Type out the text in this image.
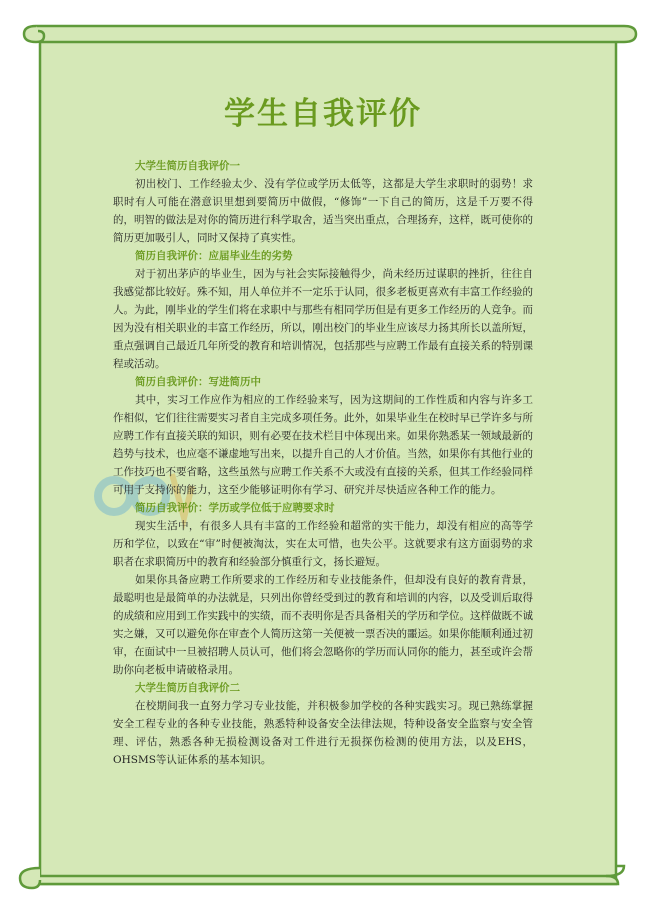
学生自我评价
大学生简历自我评价一

初出校门、工作经验太少、没有学位或学历太低等，这都是大学生求职时的弱势！求职时有人可能在潜意识里想到要简历中做假，“修饰”一下自己的简历，这是千万要不得的，明智的做法是对你的简历进行科学取舍，适当突出重点，合理扬弃，这样，既可使你的简历更加吸引人，同时又保持了真实性。

简历自我评价：应届毕业生的劣势

对于初出茅庐的毕业生，因为与社会实际接触得少，尚未经历过谋职的挫折，往往自我感觉都比较好。殊不知，用人单位并不一定乐于认同，很多老板更喜欢有丰富工作经验的人。为此，刚毕业的学生们将在求职中与那些有相同学历但是有更多工作经历的人竞争。而因为没有相关职业的丰富工作经历，所以，刚出校门的毕业生应该尽力扬其所长以盖所短，重点强调自己最近几年所受的教育和培训情况，包括那些与应聘工作最有直接关系的特别课程或活动。

简历自我评价：写进简历中

其中，实习工作应作为相应的工作经验来写，因为这期间的工作性质和内容与许多工作相似，它们往往需要实习者自主完成多项任务。此外，如果毕业生在校时早已学许多与所应聘工作有直接关联的知识，则有必要在技术栏目中体现出来。如果你熟悉某一领域最新的趋势与技术，也应毫不谦虚地写出来，以提升自己的人才价值。当然，如果你有其他行业的工作技巧也不要省略，这些虽然与应聘工作关系不大或没有直接的关系，但其工作经验同样可用于支持你的能力，这至少能够证明你有学习、研究并尽快适应各种工作的能力。

简历自我评价：学历或学位低于应聘要求时

现实生活中，有很多人具有丰富的工作经验和超常的实干能力，却没有相应的高等学历和学位，以致在“审”时便被淘汰，实在太可惜，也失公平。这就要求有这方面弱势的求职者在求职简历中的教育和经验部分慎重行文，扬长避短。

如果你具备应聘工作所要求的工作经历和专业技能条件，但却没有良好的教育背景，最聪明也是最简单的办法就是，只列出你曾经受到过的教育和培训的内容，以及受训后取得的成绩和应用到工作实践中的实绩，而不表明你是否具备相关的学历和学位。这样做既不诚实之嫌，又可以避免你在审查个人简历这第一关便被一票否决的噩运。如果你能顺利通过初审，在面试中一旦被招聘人员认可，他们将会忽略你的学历而认同你的能力，甚至或许会帮助你向老板申请破格录用。

大学生简历自我评价二

在校期间我一直努力学习专业技能，并积极参加学校的各种实践实习。现已熟练掌握安全工程专业的各种专业技能，熟悉特种设备安全法律法规，特种设备安全监察与安全管理、评估，熟悉各种无损检测设备对工件进行无损探伤检测的使用方法，以及EHS，OHSMS等认证体系的基本知识。
